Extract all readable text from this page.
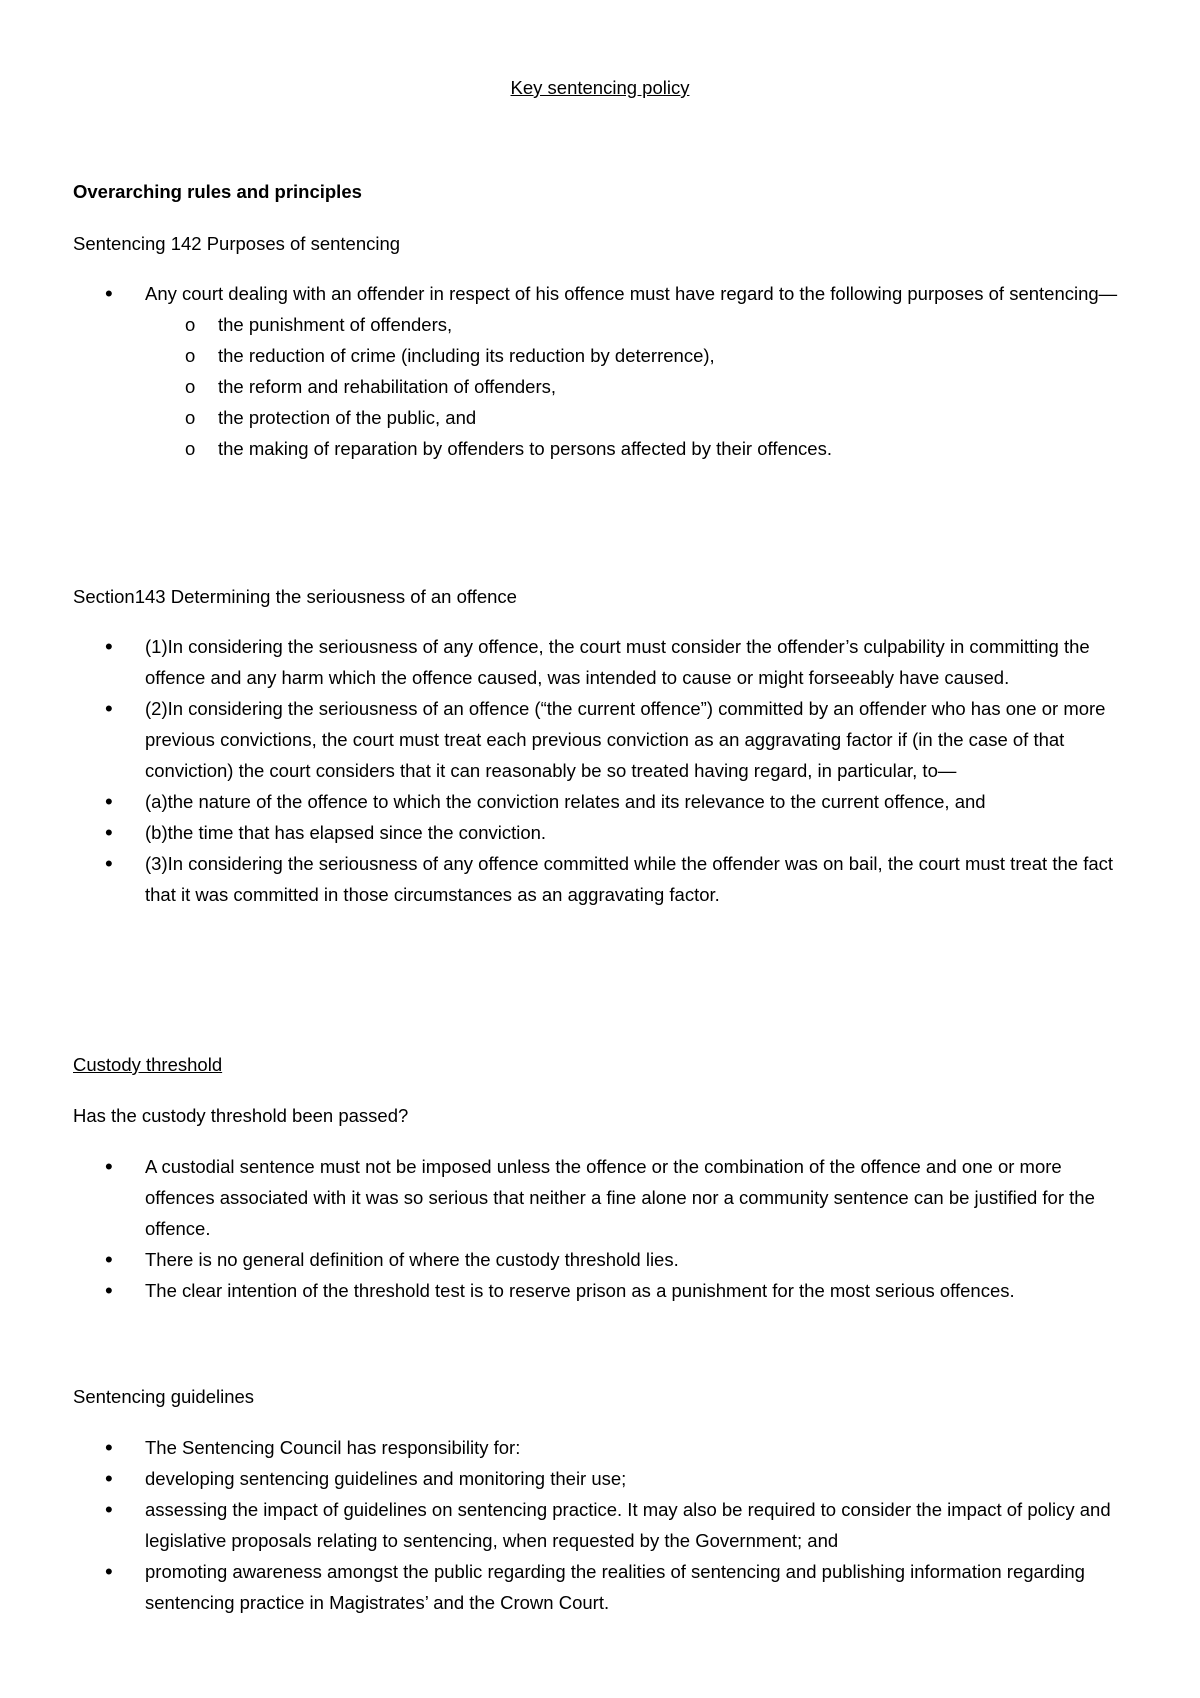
Key sentencing policy

Overarching rules and principles

Sentencing 142 Purposes of sentencing

• Any court dealing with an offender in respect of his offence must have regard to the following purposes of sentencing—
o the punishment of offenders,
o the reduction of crime (including its reduction by deterrence),
o the reform and rehabilitation of offenders,
o the protection of the public, and
o the making of reparation by offenders to persons affected by their offences.

Section143 Determining the seriousness of an offence

• (1)In considering the seriousness of any offence, the court must consider the offender’s culpability in committing the offence and any harm which the offence caused, was intended to cause or might forseeably have caused.
• (2)In considering the seriousness of an offence (“the current offence”) committed by an offender who has one or more previous convictions, the court must treat each previous conviction as an aggravating factor if (in the case of that conviction) the court considers that it can reasonably be so treated having regard, in particular, to—
• (a)the nature of the offence to which the conviction relates and its relevance to the current offence, and
• (b)the time that has elapsed since the conviction.
• (3)In considering the seriousness of any offence committed while the offender was on bail, the court must treat the fact that it was committed in those circumstances as an aggravating factor.

Custody threshold

Has the custody threshold been passed?

• A custodial sentence must not be imposed unless the offence or the combination of the offence and one or more offences associated with it was so serious that neither a fine alone nor a community sentence can be justified for the offence.
• There is no general definition of where the custody threshold lies.
• The clear intention of the threshold test is to reserve prison as a punishment for the most serious offences.

Sentencing guidelines

• The Sentencing Council has responsibility for:
• developing sentencing guidelines and monitoring their use;
• assessing the impact of guidelines on sentencing practice. It may also be required to consider the impact of policy and legislative proposals relating to sentencing, when requested by the Government; and
• promoting awareness amongst the public regarding the realities of sentencing and publishing information regarding sentencing practice in Magistrates’ and the Crown Court.
